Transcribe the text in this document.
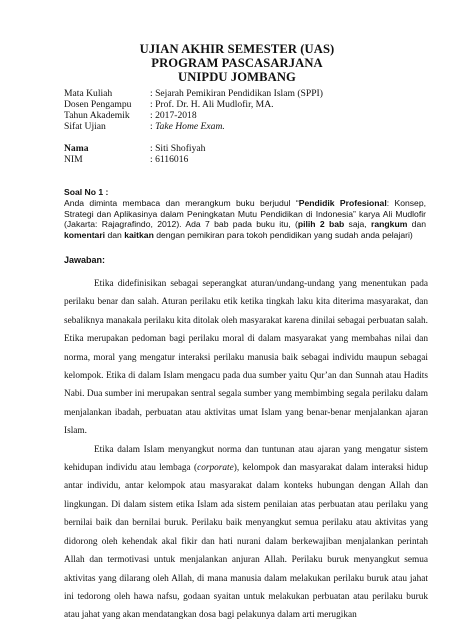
UJIAN AKHIR SEMESTER (UAS)
PROGRAM PASCASARJANA
UNIPDU JOMBANG
Mata Kuliah	: Sejarah Pemikiran Pendidikan Islam (SPPI)
Dosen Pengampu	: Prof. Dr. H. Ali Mudlofir, MA.
Tahun Akademik	: 2017-2018
Sifat Ujian	: Take Home Exam.
Nama	: Siti Shofiyah
NIM	: 6116016
Soal No 1 :
Anda diminta membaca dan merangkum buku berjudul “Pendidik Profesional: Konsep, Strategi dan Aplikasinya dalam Peningkatan Mutu Pendidikan di Indonesia” karya Ali Mudlofir (Jakarta: Rajagrafindo, 2012). Ada 7 bab pada buku itu, (pilih 2 bab saja, rangkum dan komentari dan kaitkan dengan pemikiran para tokoh pendidikan yang sudah anda pelajari)
Jawaban:
Etika didefinisikan sebagai seperangkat aturan/undang-undang yang menentukan pada perilaku benar dan salah. Aturan perilaku etik ketika tingkah laku kita diterima masyarakat, dan sebaliknya manakala perilaku kita ditolak oleh masyarakat karena dinilai sebagai perbuatan salah. Etika merupakan pedoman bagi perilaku moral di dalam masyarakat yang membahas nilai dan norma, moral yang mengatur interaksi perilaku manusia baik sebagai individu maupun sebagai kelompok. Etika di dalam Islam mengacu pada dua sumber yaitu Qur’an dan Sunnah atau Hadits Nabi. Dua sumber ini merupakan sentral segala sumber yang membimbing segala perilaku dalam menjalankan ibadah, perbuatan atau aktivitas umat Islam yang benar-benar menjalankan ajaran Islam.
Etika dalam Islam menyangkut norma dan tuntunan atau ajaran yang mengatur sistem kehidupan individu atau lembaga (corporate), kelompok dan masyarakat dalam interaksi hidup antar individu, antar kelompok atau masyarakat dalam konteks hubungan dengan Allah dan lingkungan. Di dalam sistem etika Islam ada sistem penilaian atas perbuatan atau perilaku yang bernilai baik dan bernilai buruk. Perilaku baik menyangkut semua perilaku atau aktivitas yang didorong oleh kehendak akal fikir dan hati nurani dalam berkewajiban menjalankan perintah Allah dan termotivasi untuk menjalankan anjuran Allah. Perilaku buruk menyangkut semua aktivitas yang dilarang oleh Allah, di mana manusia dalam melakukan perilaku buruk atau jahat ini tedorong oleh hawa nafsu, godaan syaitan untuk melakukan perbuatan atau perilaku buruk atau jahat yang akan mendatangkan dosa bagi pelakunya dalam arti merugikan
